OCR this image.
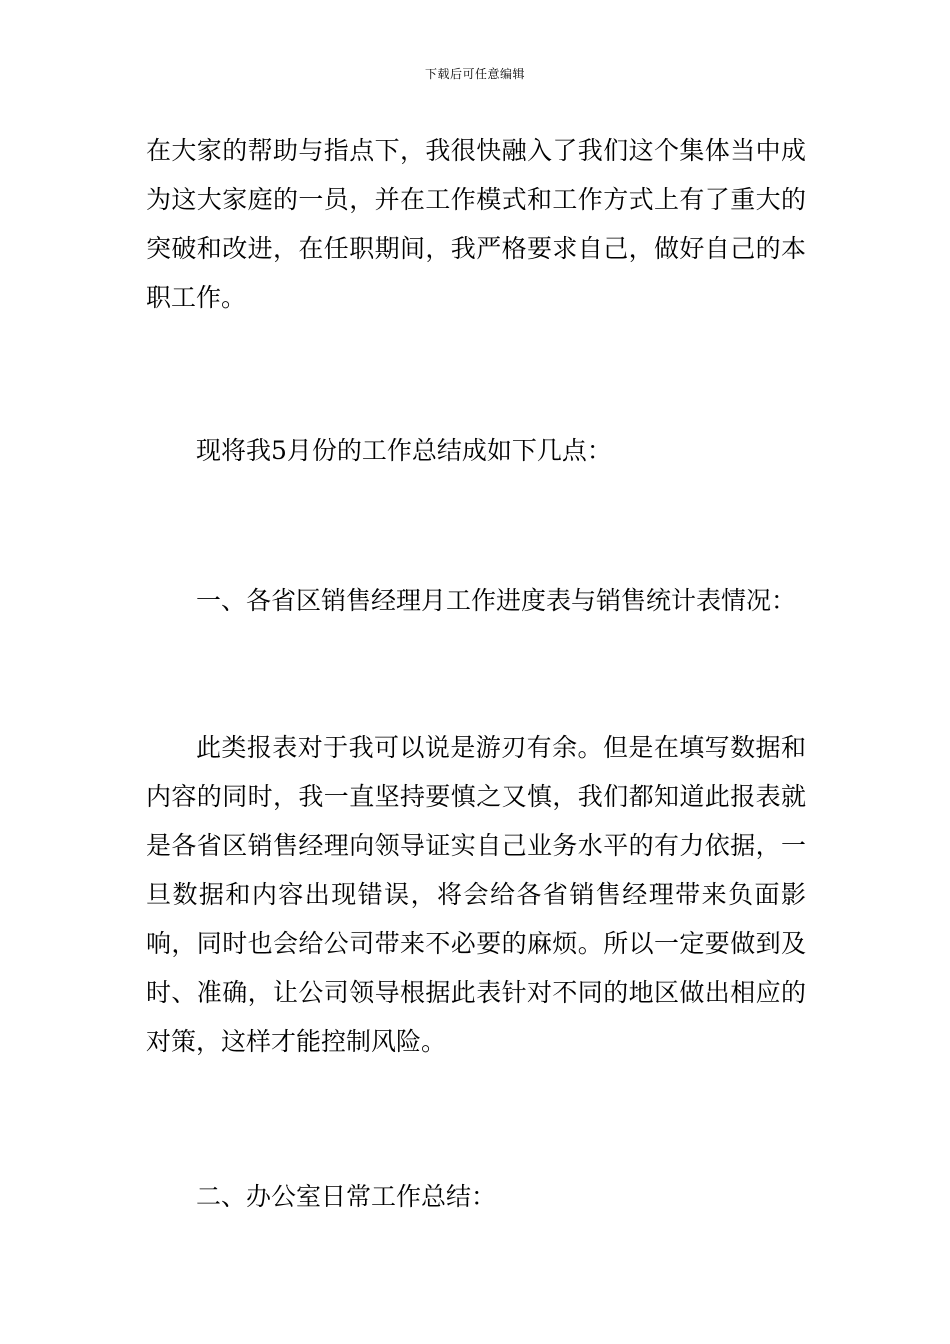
下载后可任意编辑

在大家的帮助与指点下，我很快融入了我们这个集体当中成为这大家庭的一员，并在工作模式和工作方式上有了重大的突破和改进，在任职期间，我严格要求自己，做好自己的本职工作。

现将我5月份的工作总结成如下几点：

一、各省区销售经理月工作进度表与销售统计表情况：

此类报表对于我可以说是游刃有余。但是在填写数据和内容的同时，我一直坚持要慎之又慎，我们都知道此报表就是各省区销售经理向领导证实自己业务水平的有力依据，一旦数据和内容出现错误，将会给各省销售经理带来负面影响，同时也会给公司带来不必要的麻烦。所以一定要做到及时、准确，让公司领导根据此表针对不同的地区做出相应的对策，这样才能控制风险。

二、办公室日常工作总结：
